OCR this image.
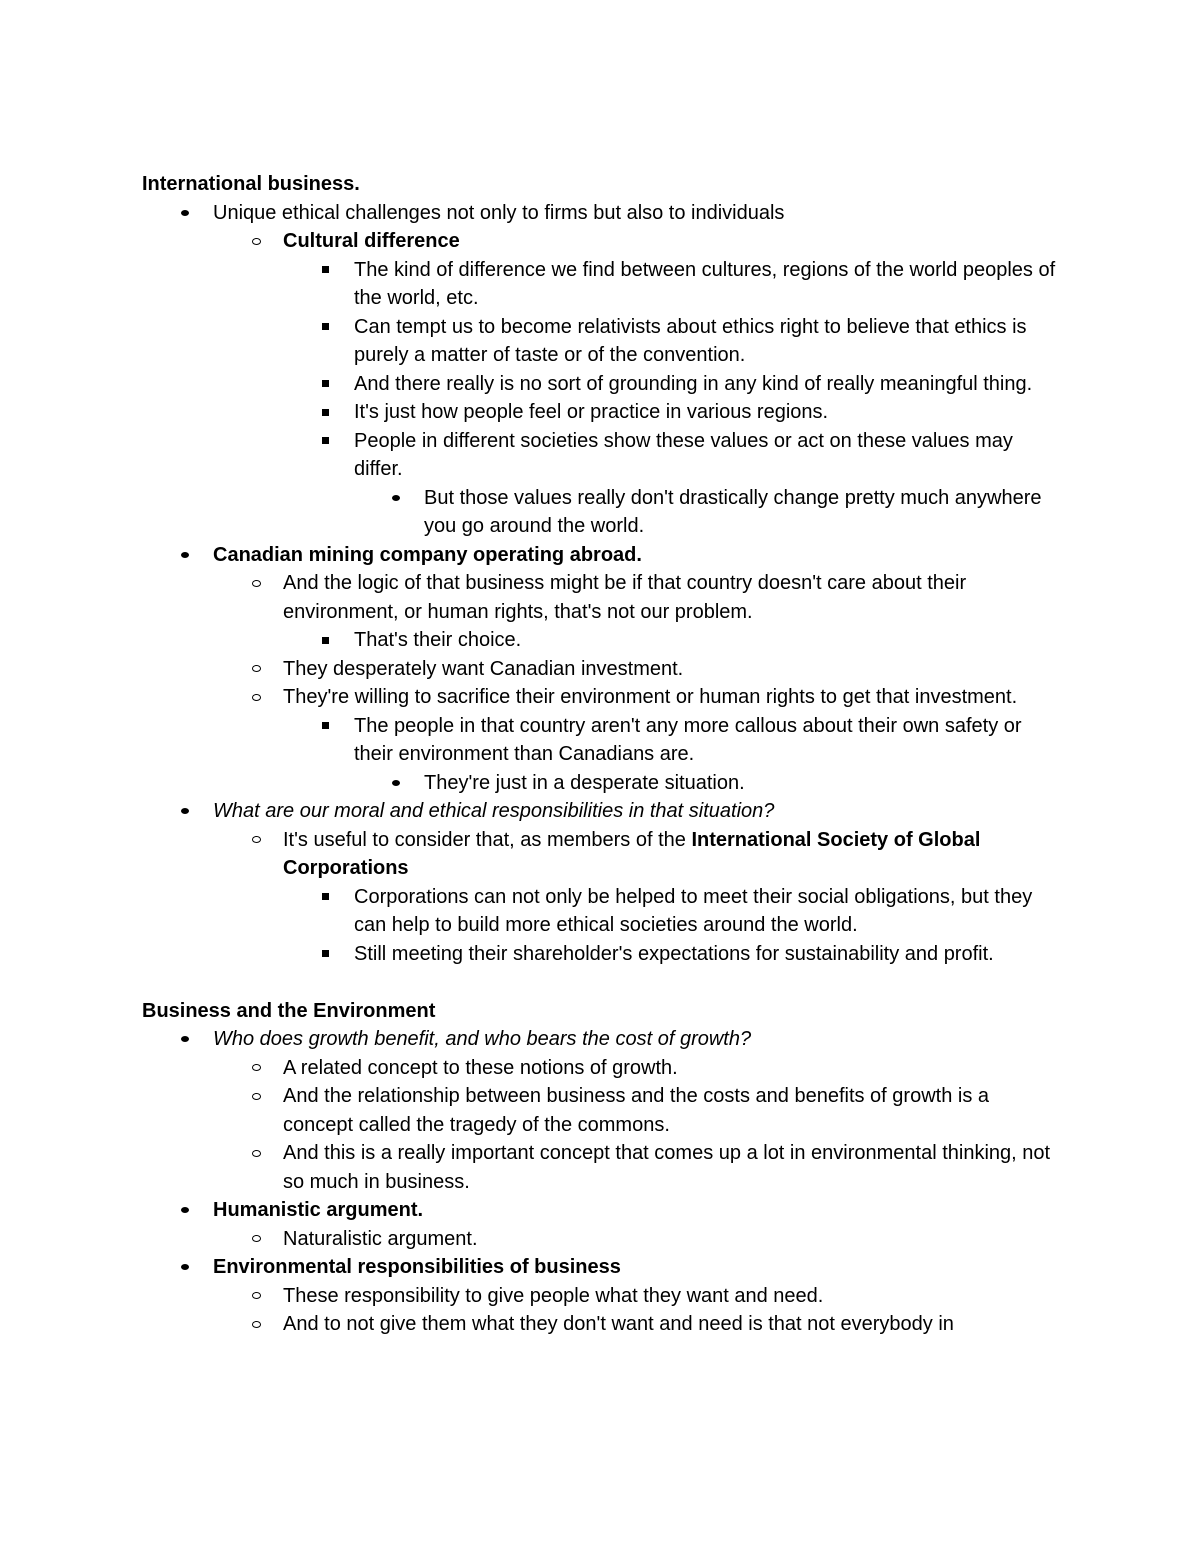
International business.

Unique ethical challenges not only to firms but also to individuals
Cultural difference
The kind of difference we find between cultures, regions of the world peoples of the world, etc.
Can tempt us to become relativists about ethics right to believe that ethics is purely a matter of taste or of the convention.
And there really is no sort of grounding in any kind of really meaningful thing.
It's just how people feel or practice in various regions.
People in different societies show these values or act on these values may differ.
But those values really don't drastically change pretty much anywhere you go around the world.
Canadian mining company operating abroad.
And the logic of that business might be if that country doesn't care about their environment, or human rights, that's not our problem.
That's their choice.
They desperately want Canadian investment.
They're willing to sacrifice their environment or human rights to get that investment.
The people in that country aren't any more callous about their own safety or their environment than Canadians are.
They're just in a desperate situation.
What are our moral and ethical responsibilities in that situation?
It's useful to consider that, as members of the International Society of Global Corporations
Corporations can not only be helped to meet their social obligations, but they can help to build more ethical societies around the world.
Still meeting their shareholder's expectations for sustainability and profit.

Business and the Environment

Who does growth benefit, and who bears the cost of growth?
A related concept to these notions of growth.
And the relationship between business and the costs and benefits of growth is a concept called the tragedy of the commons.
And this is a really important concept that comes up a lot in environmental thinking, not so much in business.
Humanistic argument.
Naturalistic argument.
Environmental responsibilities of business
These responsibility to give people what they want and need.
And to not give them what they don't want and need is that not everybody in
